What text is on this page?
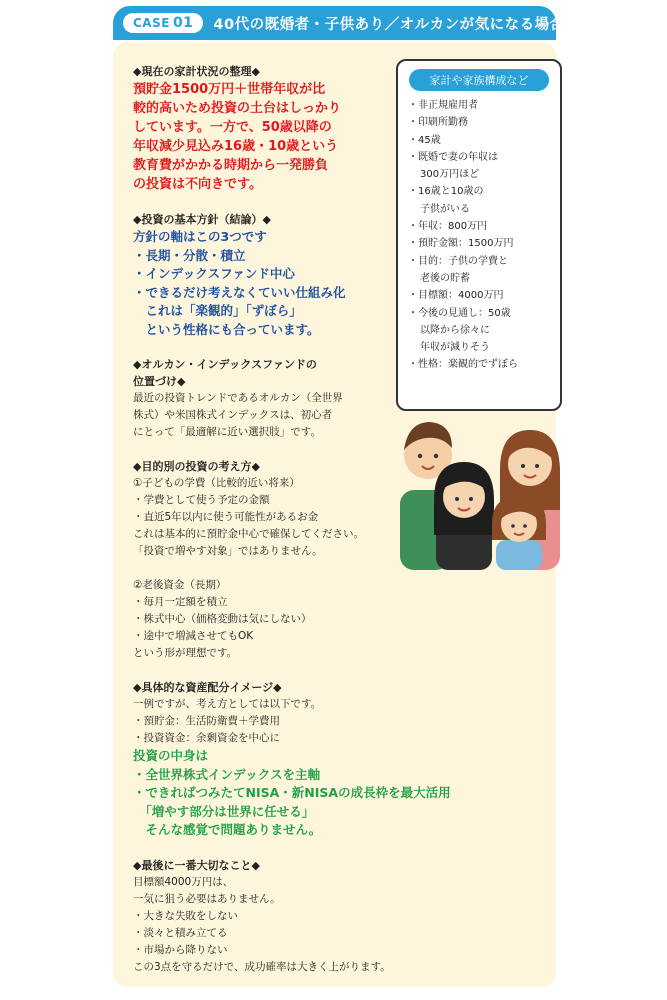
CASE 01	40代の既婚者・子供あり／オルカンが気になる場合

◆現在の家計状況の整理◆

預貯金1500万円＋世帯年収が比

較的高いため投資の土台はしっかり

しています。一方で、50歳以降の

年収減少見込み16歳・10歳という

教育費がかかる時期から一発勝負

の投資は不向きです。

◆投資の基本方針（結論）◆

方針の軸はこの3つです

・長期・分散・積立

・インデックスファンド中心

・できるだけ考えなくていい仕組み化

　これは「楽観的」「ずぼら」

　という性格にも合っています。

◆オルカン・インデックスファンドの

位置づけ◆

最近の投資トレンドであるオルカン（全世界

株式）や米国株式インデックスは、初心者

にとって「最適解に近い選択肢」です。

◆目的別の投資の考え方◆

①子どもの学費（比較的近い将来）

・学費として使う予定の金額

・直近5年以内に使う可能性があるお金

これは基本的に預貯金中心で確保してください。

「投資で増やす対象」ではありません。

②老後資金（長期）

・毎月一定額を積立

・株式中心（価格変動は気にしない）

・途中で増減させてもOK

という形が理想です。

◆具体的な資産配分イメージ◆

一例ですが、考え方としては以下です。

・預貯金：生活防衛費＋学費用

・投資資金：余剰資金を中心に

投資の中身は

・全世界株式インデックスを主軸

・できればつみたてNISA・新NISAの成長枠を最大活用

　「増やす部分は世界に任せる」

　そんな感覚で問題ありません。

◆最後に一番大切なこと◆

目標額4000万円は、

一気に狙う必要はありません。

・大きな失敗をしない

・淡々と積み立てる

・市場から降りない

この3点を守るだけで、成功確率は大きく上がります。

家計や家族構成など
・非正規雇用者
・印刷所勤務
・45歳
・既婚で妻の年収は
300万円ほど
・16歳と10歳の
子供がいる
・年収：800万円
・預貯金額：1500万円
・目的：子供の学費と
老後の貯蓄
・目標額：4000万円
・今後の見通し：50歳
以降から徐々に
年収が減りそう
・性格：楽観的でずぼら
